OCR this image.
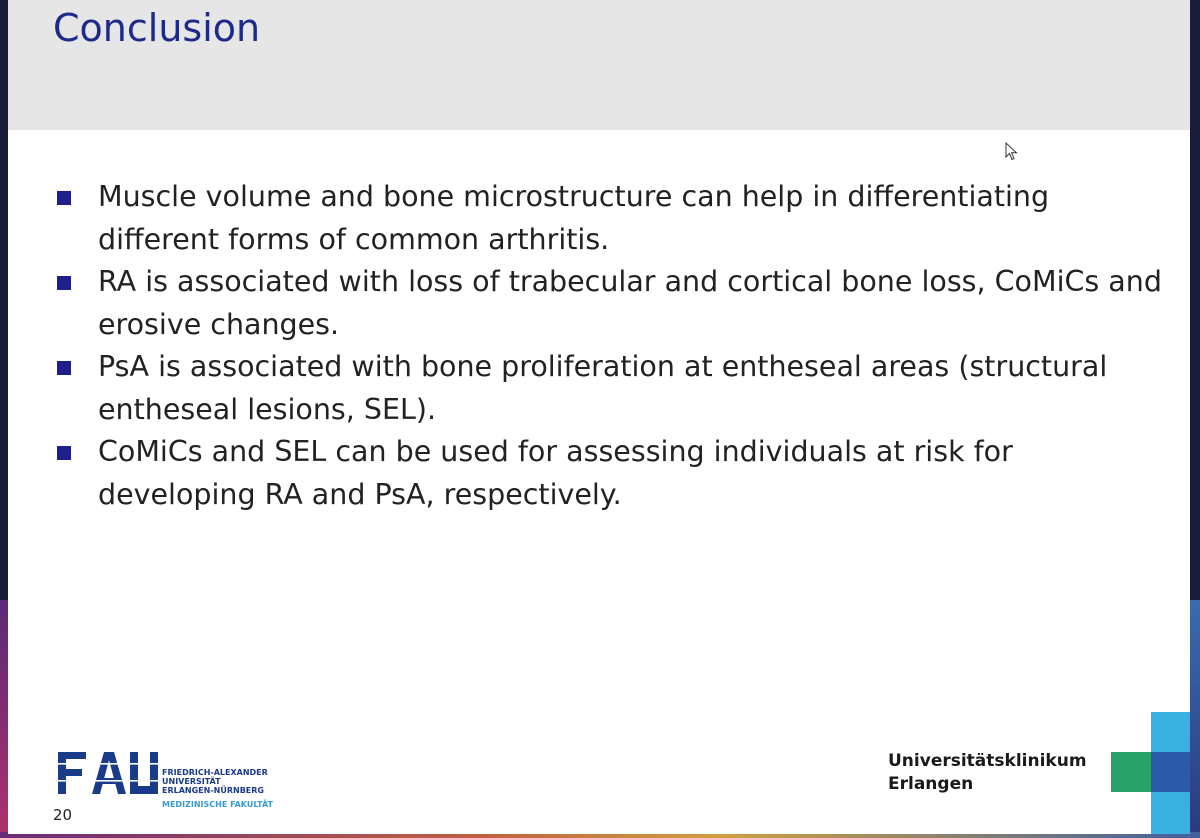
Conclusion
Muscle volume and bone microstructure can help in differentiating different forms of common arthritis.
RA is associated with loss of trabecular and cortical bone loss, CoMiCs and erosive changes.
PsA is associated with bone proliferation at entheseal areas (structural entheseal lesions, SEL).
CoMiCs and SEL can be used for assessing individuals at risk for developing RA and PsA, respectively.
FRIEDRICH-ALEXANDER
UNIVERSITÄT
ERLANGEN-NÜRNBERG
MEDIZINISCHE FAKULTÄT
20
Universitätsklinikum
Erlangen
